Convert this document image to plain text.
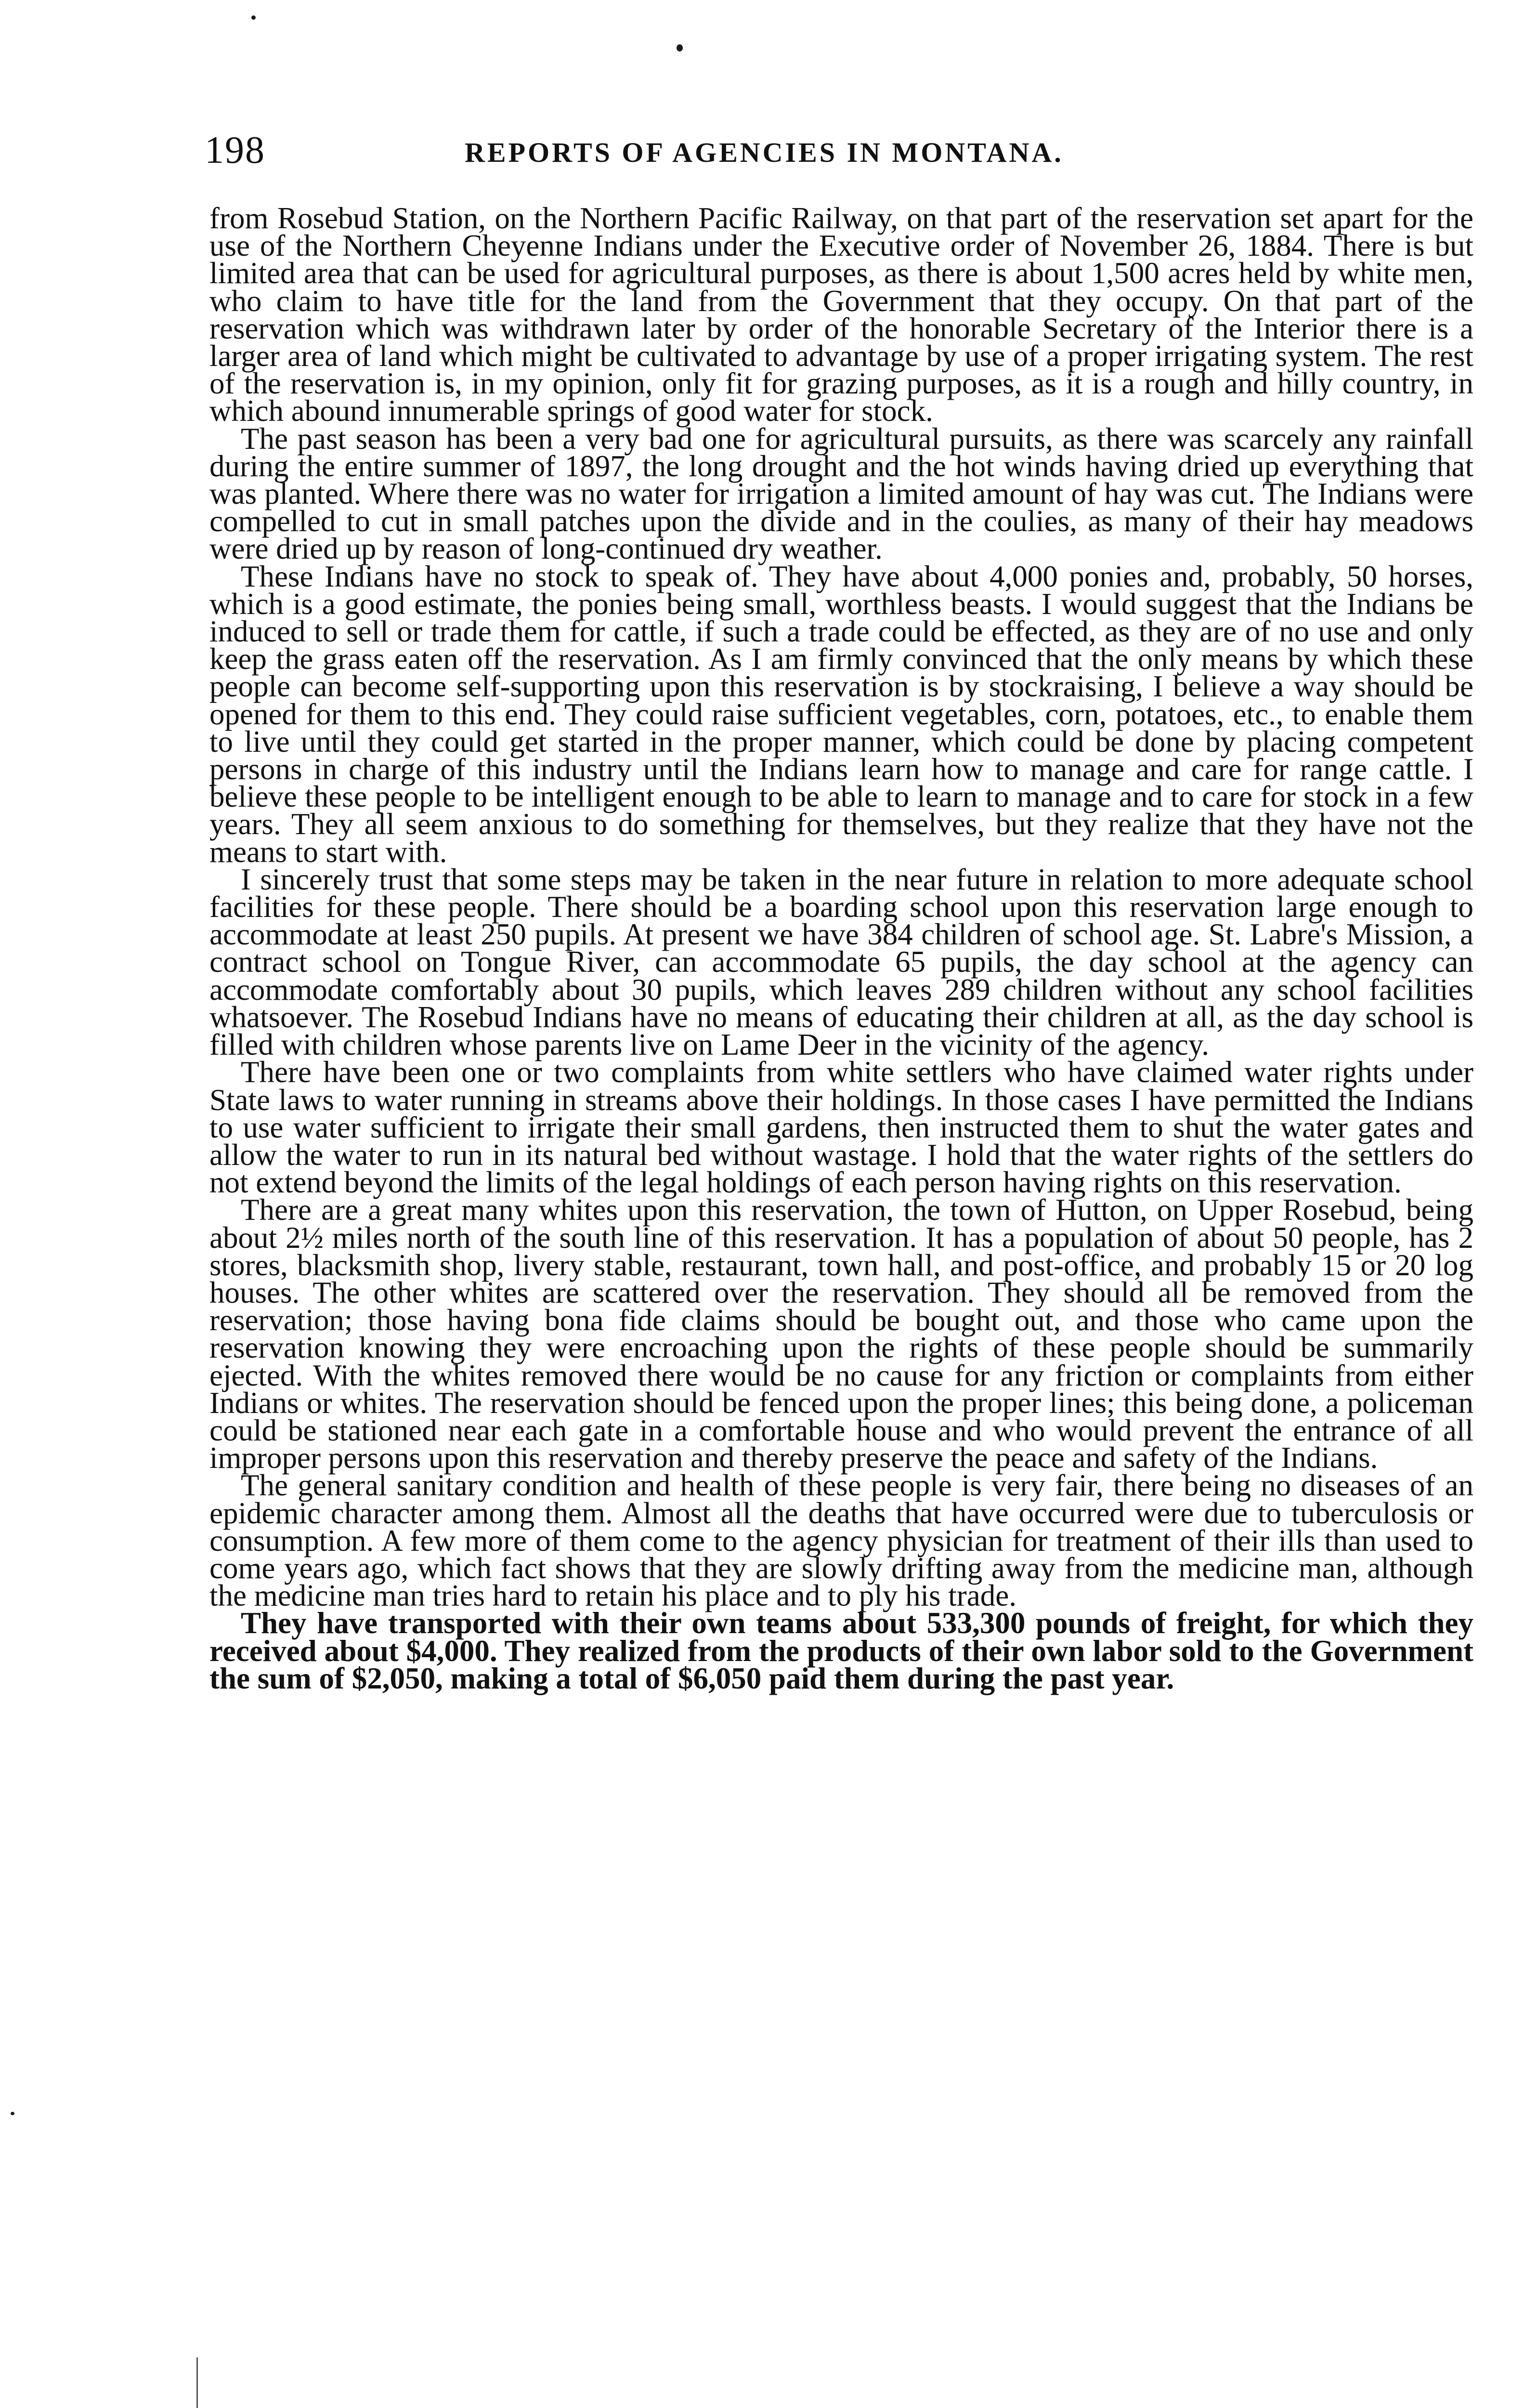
198	REPORTS OF AGENCIES IN MONTANA.

from Rosebud Station, on the Northern Pacific Railway, on that part of the reservation set apart for the use of the Northern Cheyenne Indians under the Executive order of November 26, 1884. There is but limited area that can be used for agricultural purposes, as there is about 1,500 acres held by white men, who claim to have title for the land from the Government that they occupy. On that part of the reservation which was withdrawn later by order of the honorable Secretary of the Interior there is a larger area of land which might be cultivated to advantage by use of a proper irrigating system. The rest of the reservation is, in my opinion, only fit for grazing purposes, as it is a rough and hilly country, in which abound innumerable springs of good water for stock.

The past season has been a very bad one for agricultural pursuits, as there was scarcely any rainfall during the entire summer of 1897, the long drought and the hot winds having dried up everything that was planted. Where there was no water for irrigation a limited amount of hay was cut. The Indians were compelled to cut in small patches upon the divide and in the coulies, as many of their hay meadows were dried up by reason of long-continued dry weather.

These Indians have no stock to speak of. They have about 4,000 ponies and, probably, 50 horses, which is a good estimate, the ponies being small, worthless beasts. I would suggest that the Indians be induced to sell or trade them for cattle, if such a trade could be effected, as they are of no use and only keep the grass eaten off the reservation. As I am firmly convinced that the only means by which these people can become self-supporting upon this reservation is by stockraising, I believe a way should be opened for them to this end. They could raise sufficient vegetables, corn, potatoes, etc., to enable them to live until they could get started in the proper manner, which could be done by placing competent persons in charge of this industry until the Indians learn how to manage and care for range cattle. I believe these people to be intelligent enough to be able to learn to manage and to care for stock in a few years. They all seem anxious to do something for themselves, but they realize that they have not the means to start with.

I sincerely trust that some steps may be taken in the near future in relation to more adequate school facilities for these people. There should be a boarding school upon this reservation large enough to accommodate at least 250 pupils. At present we have 384 children of school age. St. Labre's Mission, a contract school on Tongue River, can accommodate 65 pupils, the day school at the agency can accommodate comfortably about 30 pupils, which leaves 289 children without any school facilities whatsoever. The Rosebud Indians have no means of educating their children at all, as the day school is filled with children whose parents live on Lame Deer in the vicinity of the agency.

There have been one or two complaints from white settlers who have claimed water rights under State laws to water running in streams above their holdings. In those cases I have permitted the Indians to use water sufficient to irrigate their small gardens, then instructed them to shut the water gates and allow the water to run in its natural bed without wastage. I hold that the water rights of the settlers do not extend beyond the limits of the legal holdings of each person having rights on this reservation.

There are a great many whites upon this reservation, the town of Hutton, on Upper Rosebud, being about 2½ miles north of the south line of this reservation. It has a population of about 50 people, has 2 stores, blacksmith shop, livery stable, restaurant, town hall, and post-office, and probably 15 or 20 log houses. The other whites are scattered over the reservation. They should all be removed from the reservation; those having bona fide claims should be bought out, and those who came upon the reservation knowing they were encroaching upon the rights of these people should be summarily ejected. With the whites removed there would be no cause for any friction or complaints from either Indians or whites. The reservation should be fenced upon the proper lines; this being done, a policeman could be stationed near each gate in a comfortable house and who would prevent the entrance of all improper persons upon this reservation and thereby preserve the peace and safety of the Indians.

The general sanitary condition and health of these people is very fair, there being no diseases of an epidemic character among them. Almost all the deaths that have occurred were due to tuberculosis or consumption. A few more of them come to the agency physician for treatment of their ills than used to come years ago, which fact shows that they are slowly drifting away from the medicine man, although the medicine man tries hard to retain his place and to ply his trade.

They have transported with their own teams about 533,300 pounds of freight, for which they received about $4,000. They realized from the products of their own labor sold to the Government the sum of $2,050, making a total of $6,050 paid them during the past year.
